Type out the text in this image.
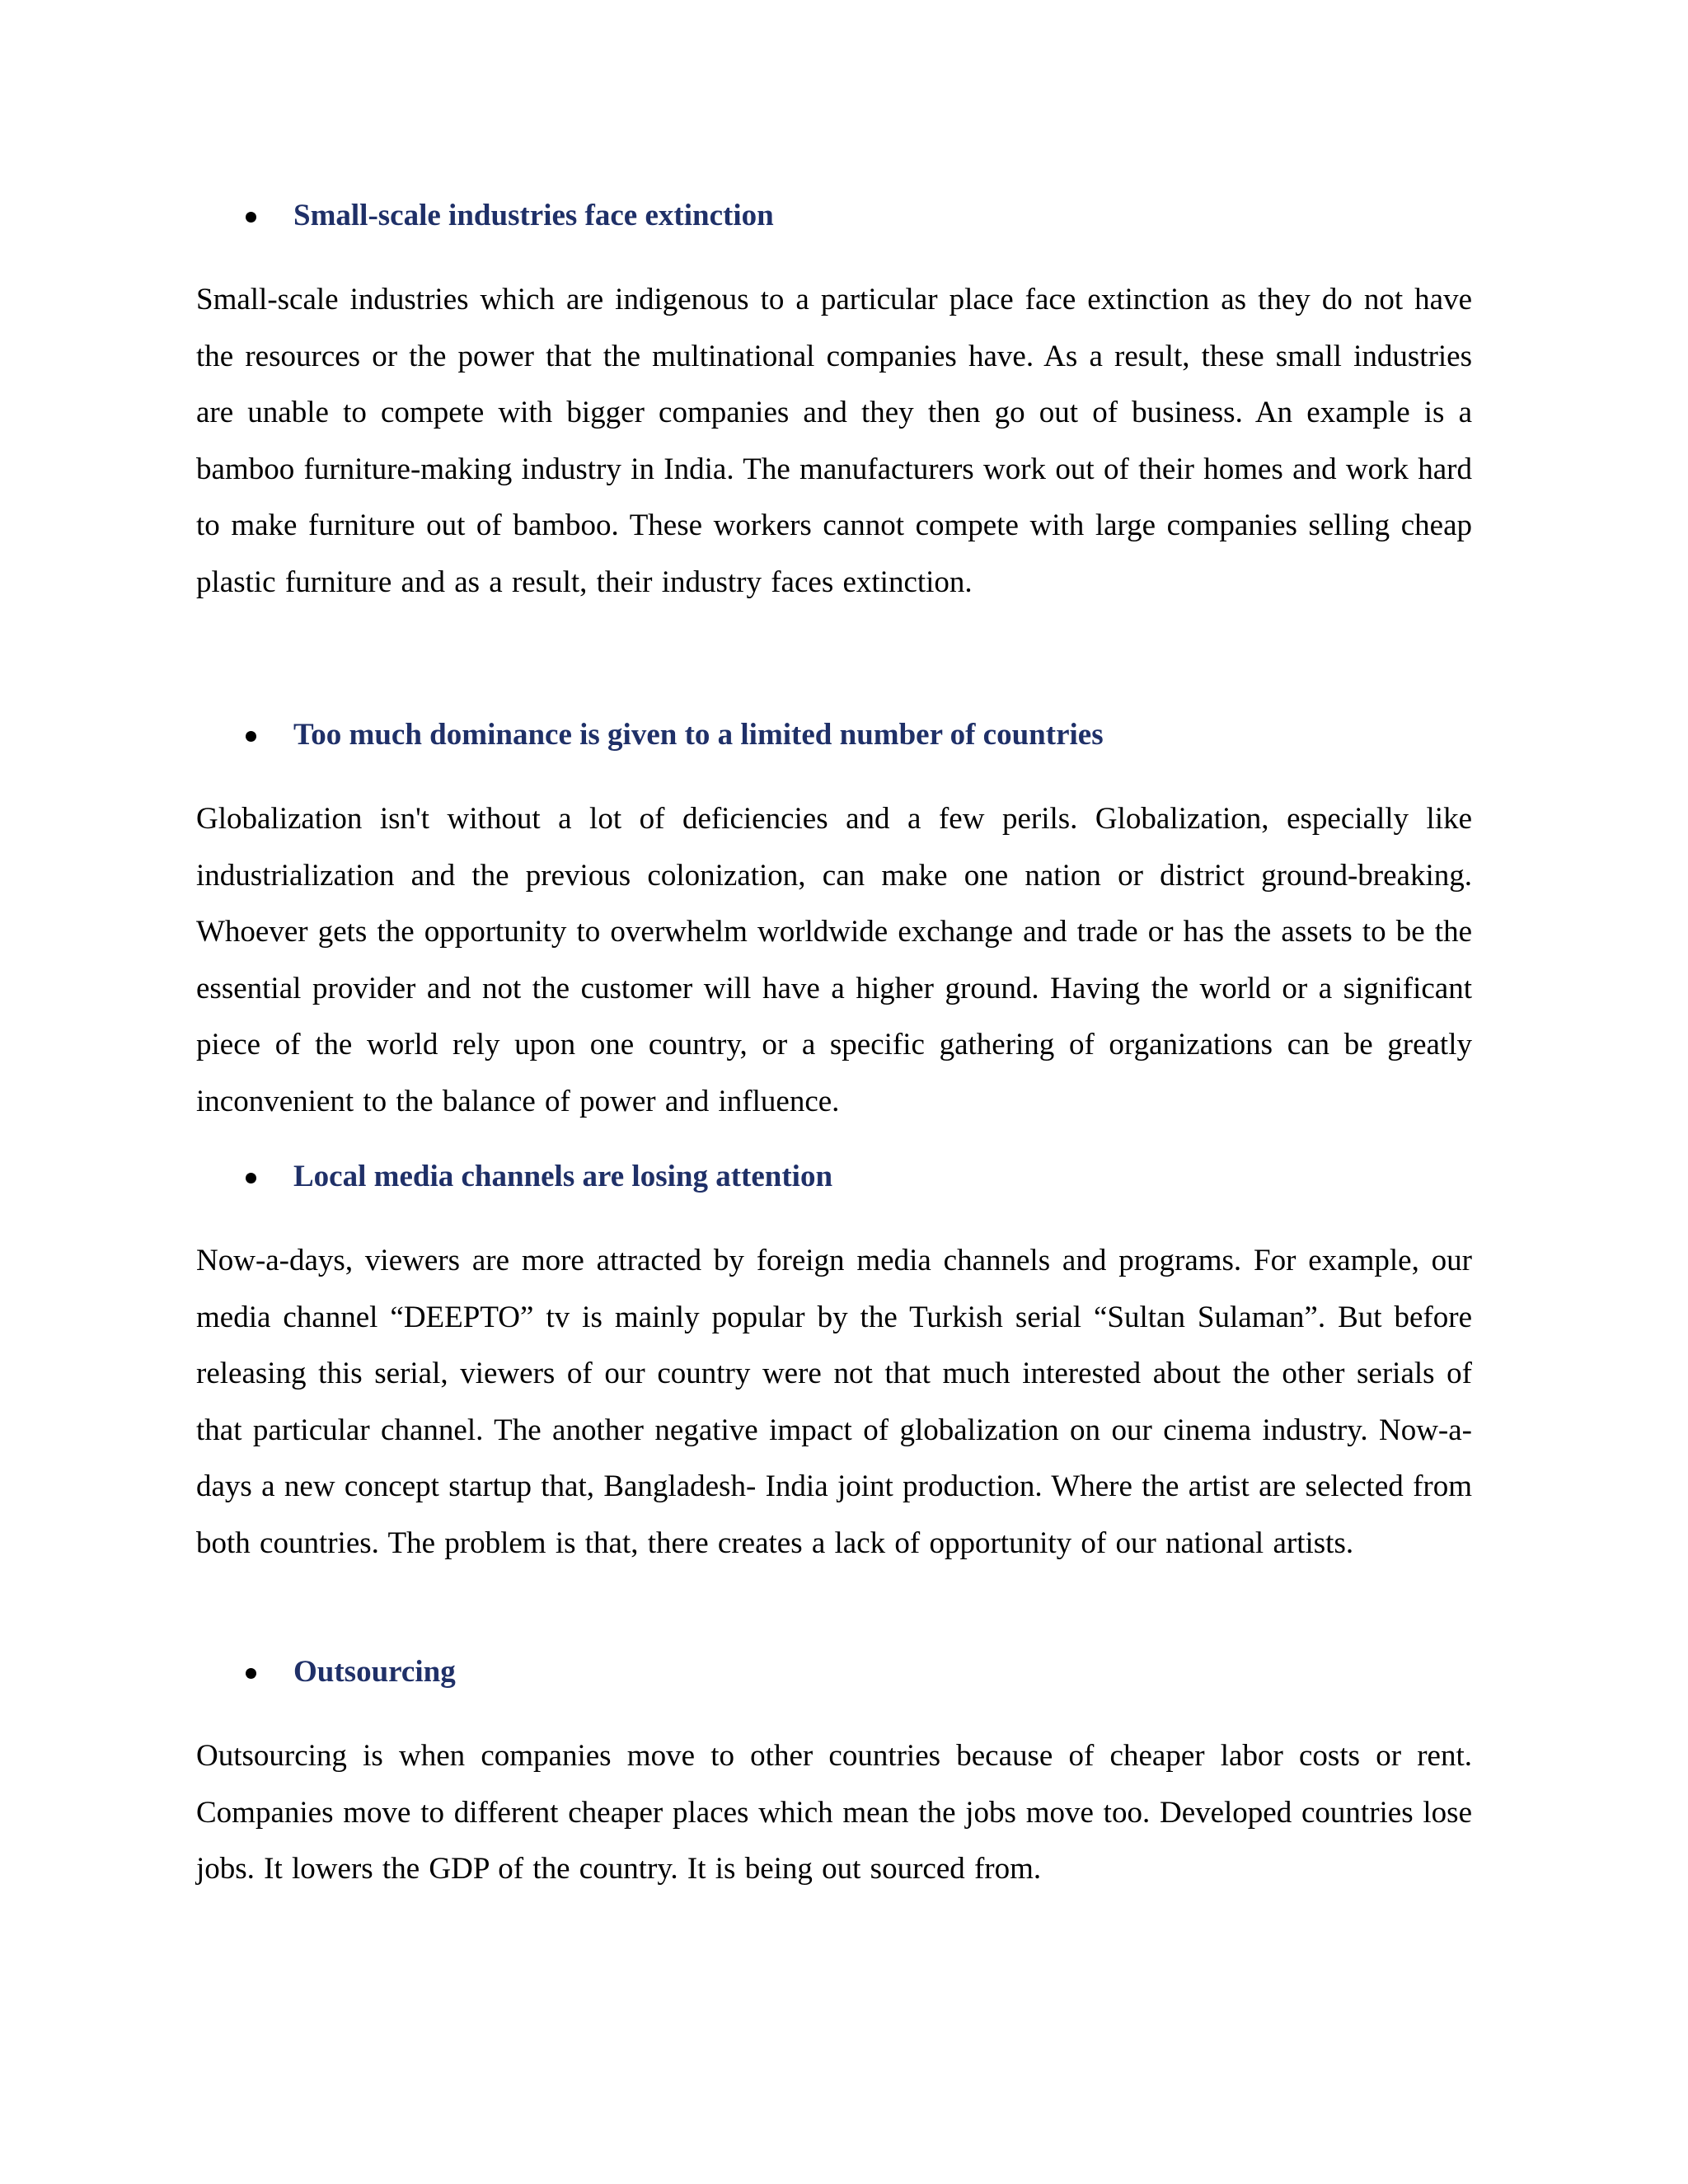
Small-scale industries face extinction

Small-scale industries which are indigenous to a particular place face extinction as they do not have the resources or the power that the multinational companies have. As a result, these small industries are unable to compete with bigger companies and they then go out of business. An example is a bamboo furniture-making industry in India. The manufacturers work out of their homes and work hard to make furniture out of bamboo. These workers cannot compete with large companies selling cheap plastic furniture and as a result, their industry faces extinction.

Too much dominance is given to a limited number of countries

Globalization isn't without a lot of deficiencies and a few perils. Globalization, especially like industrialization and the previous colonization, can make one nation or district ground-breaking. Whoever gets the opportunity to overwhelm worldwide exchange and trade or has the assets to be the essential provider and not the customer will have a higher ground. Having the world or a significant piece of the world rely upon one country, or a specific gathering of organizations can be greatly inconvenient to the balance of power and influence.

Local media channels are losing attention

Now-a-days, viewers are more attracted by foreign media channels and programs. For example, our media channel “DEEPTO” tv is mainly popular by the Turkish serial “Sultan Sulaman”. But before releasing this serial, viewers of our country were not that much interested about the other serials of that particular channel. The another negative impact of globalization on our cinema industry. Now-a-days a new concept startup that, Bangladesh- India joint production. Where the artist are selected from both countries. The problem is that, there creates a lack of opportunity of our national artists.

Outsourcing

Outsourcing is when companies move to other countries because of cheaper labor costs or rent. Companies move to different cheaper places which mean the jobs move too. Developed countries lose jobs. It lowers the GDP of the country. It is being out sourced from.
